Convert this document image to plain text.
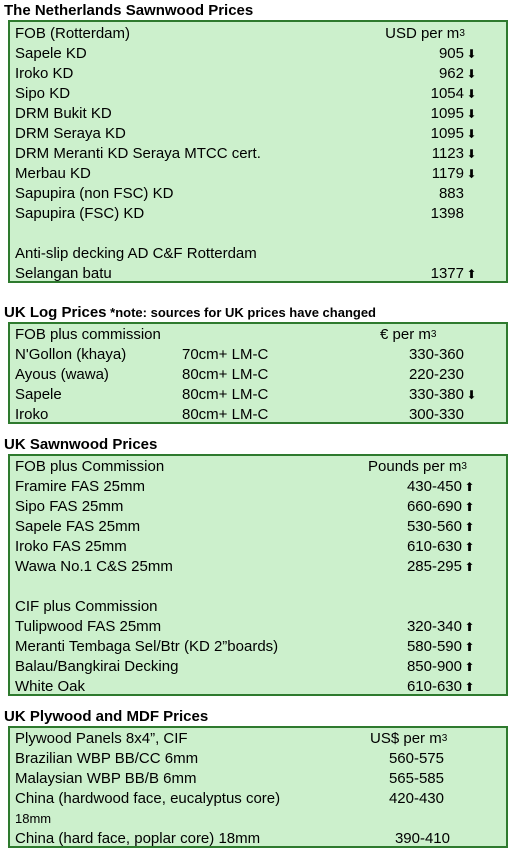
The Netherlands Sawnwood Prices
FOB (Rotterdam)	USD per $m^3$
Sapele KD	905 ⬇
Iroko KD	962 ⬇
Sipo KD	1054 ⬇
DRM Bukit KD	1095 ⬇
DRM Seraya KD	1095 ⬇
DRM Meranti KD Seraya MTCC cert.	1123 ⬇
Merbau KD	1179 ⬇
Sapupira (non FSC) KD	883
Sapupira (FSC) KD	1398
Anti-slip decking AD C&F Rotterdam
Selangan batu	1377 ⬆
UK Log Prices *note: sources for UK prices have changed
FOB plus commission	€ per $m^3$
N'Gollon (khaya)	70cm+ LM-C	330-360
Ayous (wawa)	80cm+ LM-C	220-230
Sapele	80cm+ LM-C	330-380 ⬇
Iroko	80cm+ LM-C	300-330
UK Sawnwood Prices
FOB plus Commission	Pounds per $m^3$
Framire FAS 25mm	430-450 ⬆
Sipo FAS 25mm	660-690 ⬆
Sapele FAS 25mm	530-560 ⬆
Iroko FAS 25mm	610-630 ⬆
Wawa No.1 C&S 25mm	285-295 ⬆
CIF plus Commission
Tulipwood FAS 25mm	320-340 ⬆
Meranti Tembaga Sel/Btr (KD 2”boards)	580-590 ⬆
Balau/Bangkirai Decking	850-900 ⬆
White Oak	610-630 ⬆
UK Plywood and MDF Prices
Plywood Panels 8x4”, CIF	US$ per $m^3$
Brazilian WBP BB/CC 6mm	560-575
Malaysian WBP BB/B 6mm	565-585
China (hardwood face, eucalyptus core)	420-430
18mm
China (hard face, poplar core) 18mm	390-410
